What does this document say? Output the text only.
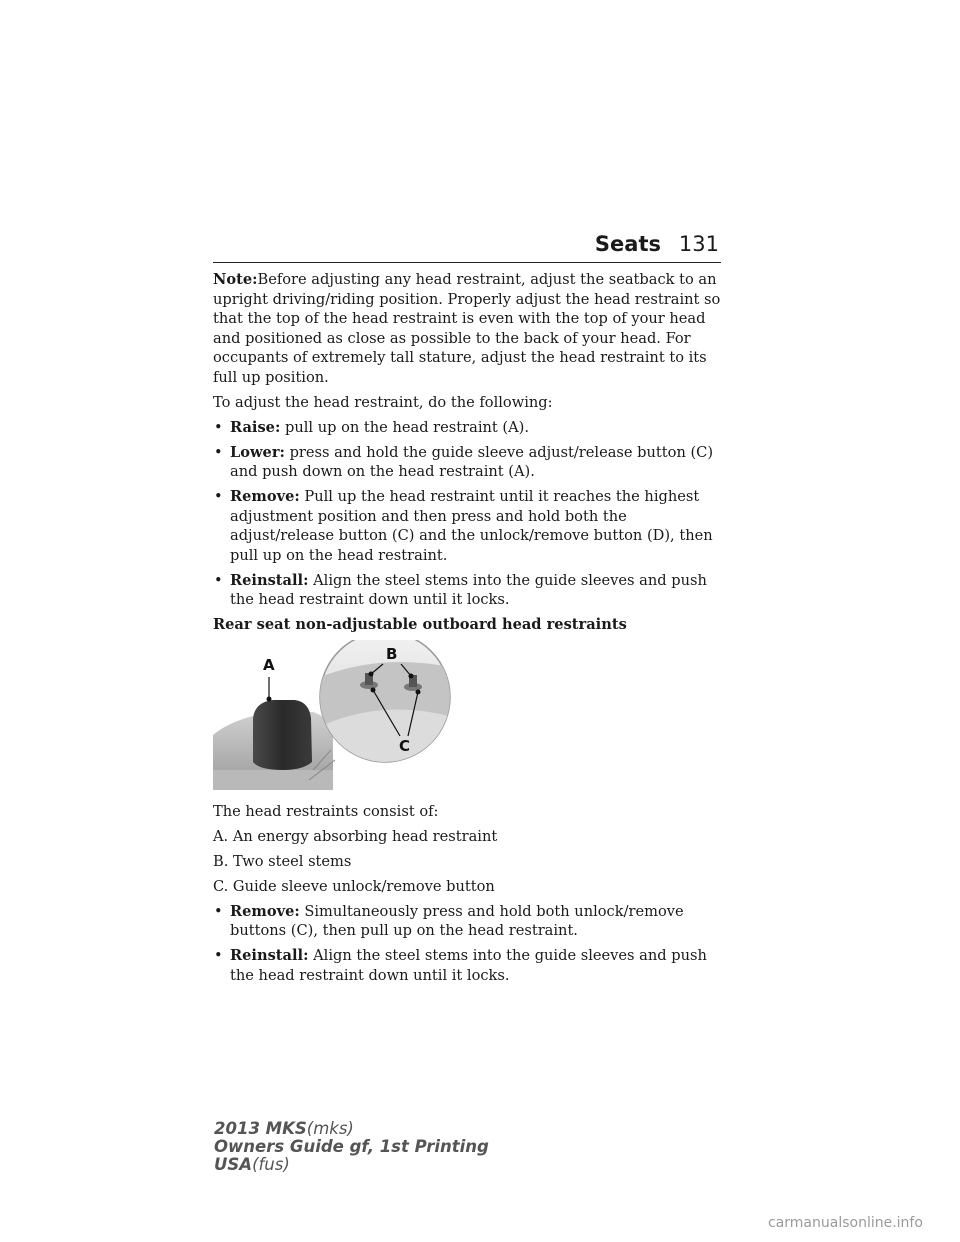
Seats 131

Note:Before adjusting any head restraint, adjust the seatback to an upright driving/riding position. Properly adjust the head restraint so that the top of the head restraint is even with the top of your head and positioned as close as possible to the back of your head. For occupants of extremely tall stature, adjust the head restraint to its full up position.

To adjust the head restraint, do the following:

• Raise: pull up on the head restraint (A).
• Lower: press and hold the guide sleeve adjust/release button (C) and push down on the head restraint (A).
• Remove: Pull up the head restraint until it reaches the highest adjustment position and then press and hold both the adjust/release button (C) and the unlock/remove button (D), then pull up on the head restraint.
• Reinstall: Align the steel stems into the guide sleeves and push the head restraint down until it locks.
Rear seat non-adjustable outboard head restraints
A
B
C

The head restraints consist of:

A. An energy absorbing head restraint

B. Two steel stems

C. Guide sleeve unlock/remove button

• Remove: Simultaneously press and hold both unlock/remove buttons (C), then pull up on the head restraint.
• Reinstall: Align the steel stems into the guide sleeves and push the head restraint down until it locks.
2013 MKS(mks)
Owners Guide gf, 1st Printing
USA(fus)
carmanualsonline.info
